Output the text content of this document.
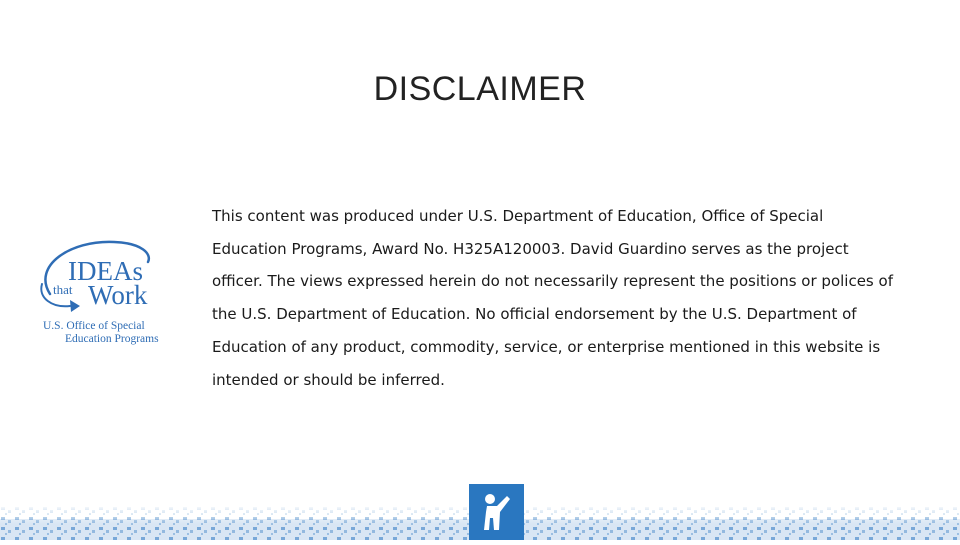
DISCLAIMER
IDEAs
that Work
U.S. Office of Special
Education Programs
This content was produced under U.S. Department of Education, Office of Special Education Programs, Award No. H325A120003. David Guardino serves as the project officer. The views expressed herein do not necessarily represent the positions or polices of the U.S. Department of Education. No official endorsement by the U.S. Department of Education of any product, commodity, service, or enterprise mentioned in this website is intended or should be inferred.
